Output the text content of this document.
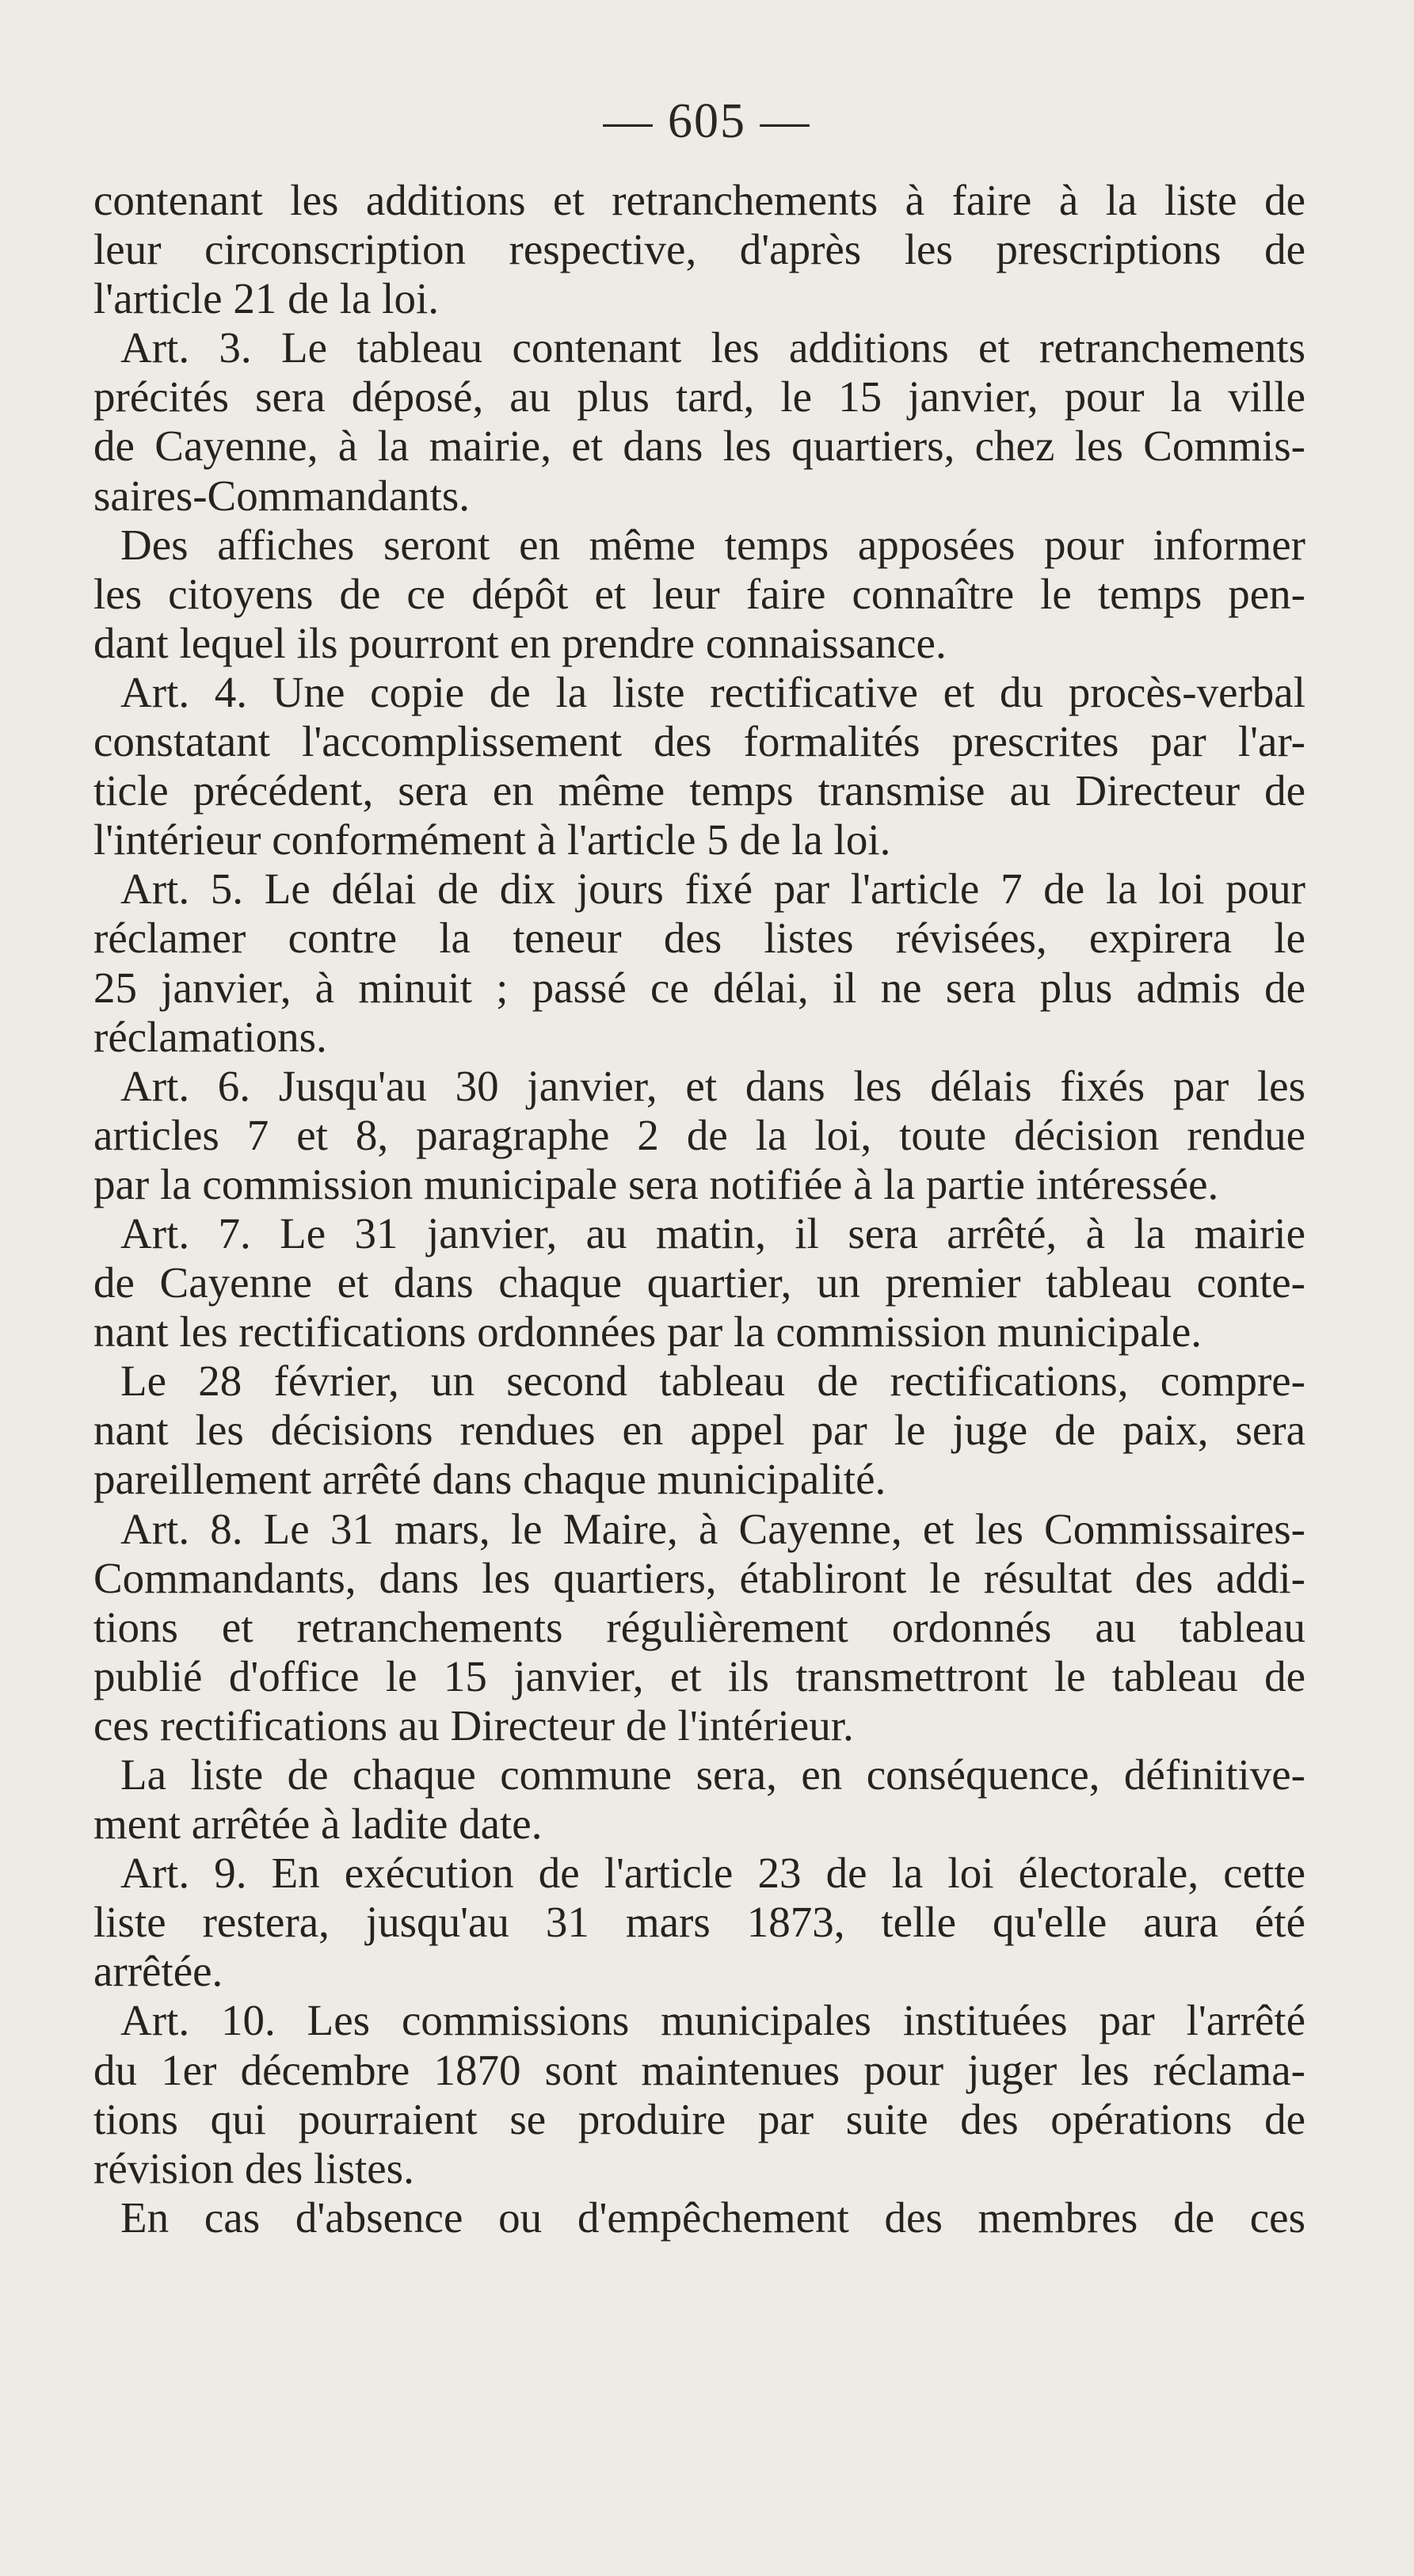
— 605 —
contenant les additions et retranchements à faire à la liste de
leur circonscription respective, d'après les prescriptions de
l'article 21 de la loi.
Art. 3. Le tableau contenant les additions et retranchements
précités sera déposé, au plus tard, le 15 janvier, pour la ville
de Cayenne, à la mairie, et dans les quartiers, chez les Commis-
saires-Commandants.
Des affiches seront en même temps apposées pour informer
les citoyens de ce dépôt et leur faire connaître le temps pen-
dant lequel ils pourront en prendre connaissance.
Art. 4. Une copie de la liste rectificative et du procès-verbal
constatant l'accomplissement des formalités prescrites par l'ar-
ticle précédent, sera en même temps transmise au Directeur de
l'intérieur conformément à l'article 5 de la loi.
Art. 5. Le délai de dix jours fixé par l'article 7 de la loi pour
réclamer contre la teneur des listes révisées, expirera le
25 janvier, à minuit ; passé ce délai, il ne sera plus admis de
réclamations.
Art. 6. Jusqu'au 30 janvier, et dans les délais fixés par les
articles 7 et 8, paragraphe 2 de la loi, toute décision rendue
par la commission municipale sera notifiée à la partie intéressée.
Art. 7. Le 31 janvier, au matin, il sera arrêté, à la mairie
de Cayenne et dans chaque quartier, un premier tableau conte-
nant les rectifications ordonnées par la commission municipale.
Le 28 février, un second tableau de rectifications, compre-
nant les décisions rendues en appel par le juge de paix, sera
pareillement arrêté dans chaque municipalité.
Art. 8. Le 31 mars, le Maire, à Cayenne, et les Commissaires-
Commandants, dans les quartiers, établiront le résultat des addi-
tions et retranchements régulièrement ordonnés au tableau
publié d'office le 15 janvier, et ils transmettront le tableau de
ces rectifications au Directeur de l'intérieur.
La liste de chaque commune sera, en conséquence, définitive-
ment arrêtée à ladite date.
Art. 9. En exécution de l'article 23 de la loi électorale, cette
liste restera, jusqu'au 31 mars 1873, telle qu'elle aura été
arrêtée.
Art. 10. Les commissions municipales instituées par l'arrêté
du 1er décembre 1870 sont maintenues pour juger les réclama-
tions qui pourraient se produire par suite des opérations de
révision des listes.
En cas d'absence ou d'empêchement des membres de ces
